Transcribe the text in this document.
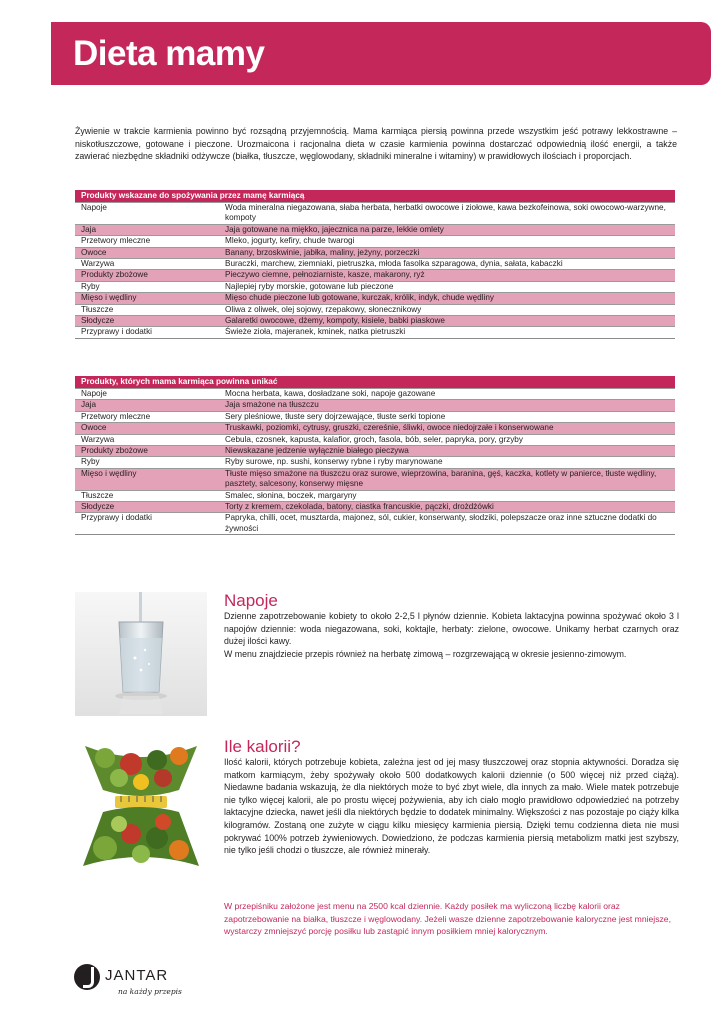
Dieta mamy
Żywienie w trakcie karmienia powinno być rozsądną przyjemnością. Mama karmiąca piersią powinna przede wszystkim jeść potrawy lekkostrawne – niskotłuszczowe, gotowane i pieczone. Urozmaicona i racjonalna dieta w czasie karmienia powinna dostarczać odpowiednią ilość energii, a także zawierać niezbędne składniki odżywcze (białka, tłuszcze, węglowodany, składniki mineralne i witaminy) w prawidłowych ilościach i proporcjach.
Produkty wskazane do spożywania przez mamę karmiącą
Napoje	Woda mineralna niegazowana, słaba herbata, herbatki owocowe i ziołowe, kawa bezkofeinowa, soki owocowo-warzywne, kompoty
Jaja	Jaja gotowane na miękko, jajecznica na parze, lekkie omlety
Przetwory mleczne	Mleko, jogurty, kefiry, chude twarogi
Owoce	Banany, brzoskwinie, jabłka, maliny, jeżyny, porzeczki
Warzywa	Buraczki, marchew, ziemniaki, pietruszka, młoda fasolka szparagowa, dynia, sałata, kabaczki
Produkty zbożowe	Pieczywo ciemne, pełnoziarniste, kasze, makarony, ryż
Ryby	Najlepiej ryby morskie, gotowane lub pieczone
Mięso i wędliny	Mięso chude pieczone lub gotowane, kurczak, królik, indyk, chude wędliny
Tłuszcze	Oliwa z oliwek, olej sojowy, rzepakowy, słonecznikowy
Słodycze	Galaretki owocowe, dżemy, kompoty, kisiele, babki piaskowe
Przyprawy i dodatki	Świeże zioła, majeranek, kminek, natka pietruszki
Produkty, których mama karmiąca powinna unikać
Napoje	Mocna herbata, kawa, dosładzane soki, napoje gazowane
Jaja	Jaja smażone na tłuszczu
Przetwory mleczne	Sery pleśniowe, tłuste sery dojrzewające, tłuste serki topione
Owoce	Truskawki, poziomki, cytrusy, gruszki, czereśnie, śliwki, owoce niedojrzałe i konserwowane
Warzywa	Cebula, czosnek, kapusta, kalafior, groch, fasola, bób, seler, papryka, pory, grzyby
Produkty zbożowe	Niewskazane jedzenie wyłącznie białego pieczywa
Ryby	Ryby surowe, np. sushi, konserwy rybne i ryby marynowane
Mięso i wędliny	Tłuste mięso smażone na tłuszczu oraz surowe, wieprzowina, baranina, gęś, kaczka, kotlety w panierce, tłuste wędliny, pasztety, salcesony, konserwy mięsne
Tłuszcze	Smalec, słonina, boczek, margaryny
Słodycze	Torty z kremem, czekolada, batony, ciastka francuskie, pączki, drożdżówki
Przyprawy i dodatki	Papryka, chilli, ocet, musztarda, majonez, sól, cukier, konserwanty, słodziki, polepszacze oraz inne sztuczne dodatki do żywności
Napoje

Dzienne zapotrzebowanie kobiety to około 2-2,5 l płynów dziennie. Kobieta laktacyjna powinna spożywać około 3 l napojów dziennie: woda niegazowana, soki, koktajle, herbaty: zielone, owocowe. Unikamy herbat czarnych oraz dużej ilości kawy.

W menu znajdziecie przepis również na herbatę zimową – rozgrzewającą w okresie jesienno-zimowym.

Ile kalorii?
Ilość kalorii, których potrzebuje kobieta, zależna jest od jej masy tłuszczowej oraz stopnia aktywności. Doradza się matkom karmiącym, żeby spożywały około 500 dodatkowych kalorii dziennie (o 500 więcej niż przed ciążą). Niedawne badania wskazują, że dla niektórych może to być zbyt wiele, dla innych za mało. Wiele matek potrzebuje nie tylko więcej kalorii, ale po prostu więcej pożywienia, aby ich ciało mogło prawidłowo odpowiedzieć na potrzeby laktacyjne dziecka, nawet jeśli dla niektórych będzie to dodatek minimalny. Większości z nas pozostaje po ciąży kilka kilogramów. Zostaną one zużyte w ciągu kilku miesięcy karmienia piersią. Dzięki temu codzienna dieta nie musi pokrywać 100% potrzeb żywieniowych. Dowiedziono, że podczas karmienia piersią metabolizm matki jest szybszy, nie tylko jeśli chodzi o tłuszcze, ale również minerały.
W przepiśniku założone jest menu na 2500 kcal dziennie. Każdy posiłek ma wyliczoną liczbę kalorii oraz zapotrzebowanie na białka, tłuszcze i węglowodany. Jeżeli wasze dzienne zapotrzebowanie kaloryczne jest mniejsze, wystarczy zmniejszyć porcję posiłku lub zastąpić innym posiłkiem mniej kalorycznym.
JANTAR
na każdy przepis
